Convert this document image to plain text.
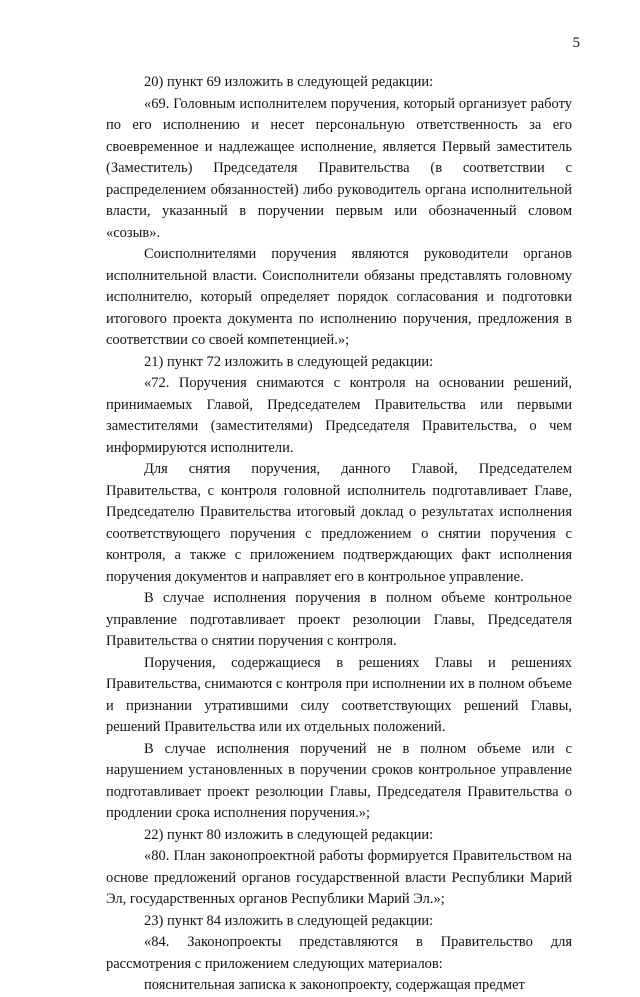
5

20) пункт 69 изложить в следующей редакции:

«69. Головным исполнителем поручения, который организует работу по его исполнению и несет персональную ответственность за его своевременное и надлежащее исполнение, является Первый заместитель (Заместитель) Председателя Правительства (в соответствии с распределением обязанностей) либо руководитель органа исполнительной власти, указанный в поручении первым или обозначенный словом «созыв».

Соисполнителями поручения являются руководители органов исполнительной власти. Соисполнители обязаны представлять головному исполнителю, который определяет порядок согласования и подготовки итогового проекта документа по исполнению поручения, предложения в соответствии со своей компетенцией.»;

21) пункт 72 изложить в следующей редакции:

«72. Поручения снимаются с контроля на основании решений, принимаемых Главой, Председателем Правительства или первыми заместителями (заместителями) Председателя Правительства, о чем информируются исполнители.

Для снятия поручения, данного Главой, Председателем Правительства, с контроля головной исполнитель подготавливает Главе, Председателю Правительства итоговый доклад о результатах исполнения соответствующего поручения с предложением о снятии поручения с контроля, а также с приложением подтверждающих факт исполнения поручения документов и направляет его в контрольное управление.

В случае исполнения поручения в полном объеме контрольное управление подготавливает проект резолюции Главы, Председателя Правительства о снятии поручения с контроля.

Поручения, содержащиеся в решениях Главы и решениях Правительства, снимаются с контроля при исполнении их в полном объеме и признании утратившими силу соответствующих решений Главы, решений Правительства или их отдельных положений.

В случае исполнения поручений не в полном объеме или с нарушением установленных в поручении сроков контрольное управление подготавливает проект резолюции Главы, Председателя Правительства о продлении срока исполнения поручения.»;

22) пункт 80 изложить в следующей редакции:

«80. План законопроектной работы формируется Правительством на основе предложений органов государственной власти Республики Марий Эл, государственных органов Республики Марий Эл.»;

23) пункт 84 изложить в следующей редакции:

«84. Законопроекты представляются в Правительство для рассмотрения с приложением следующих материалов:

пояснительная записка к законопроекту, содержащая предмет
